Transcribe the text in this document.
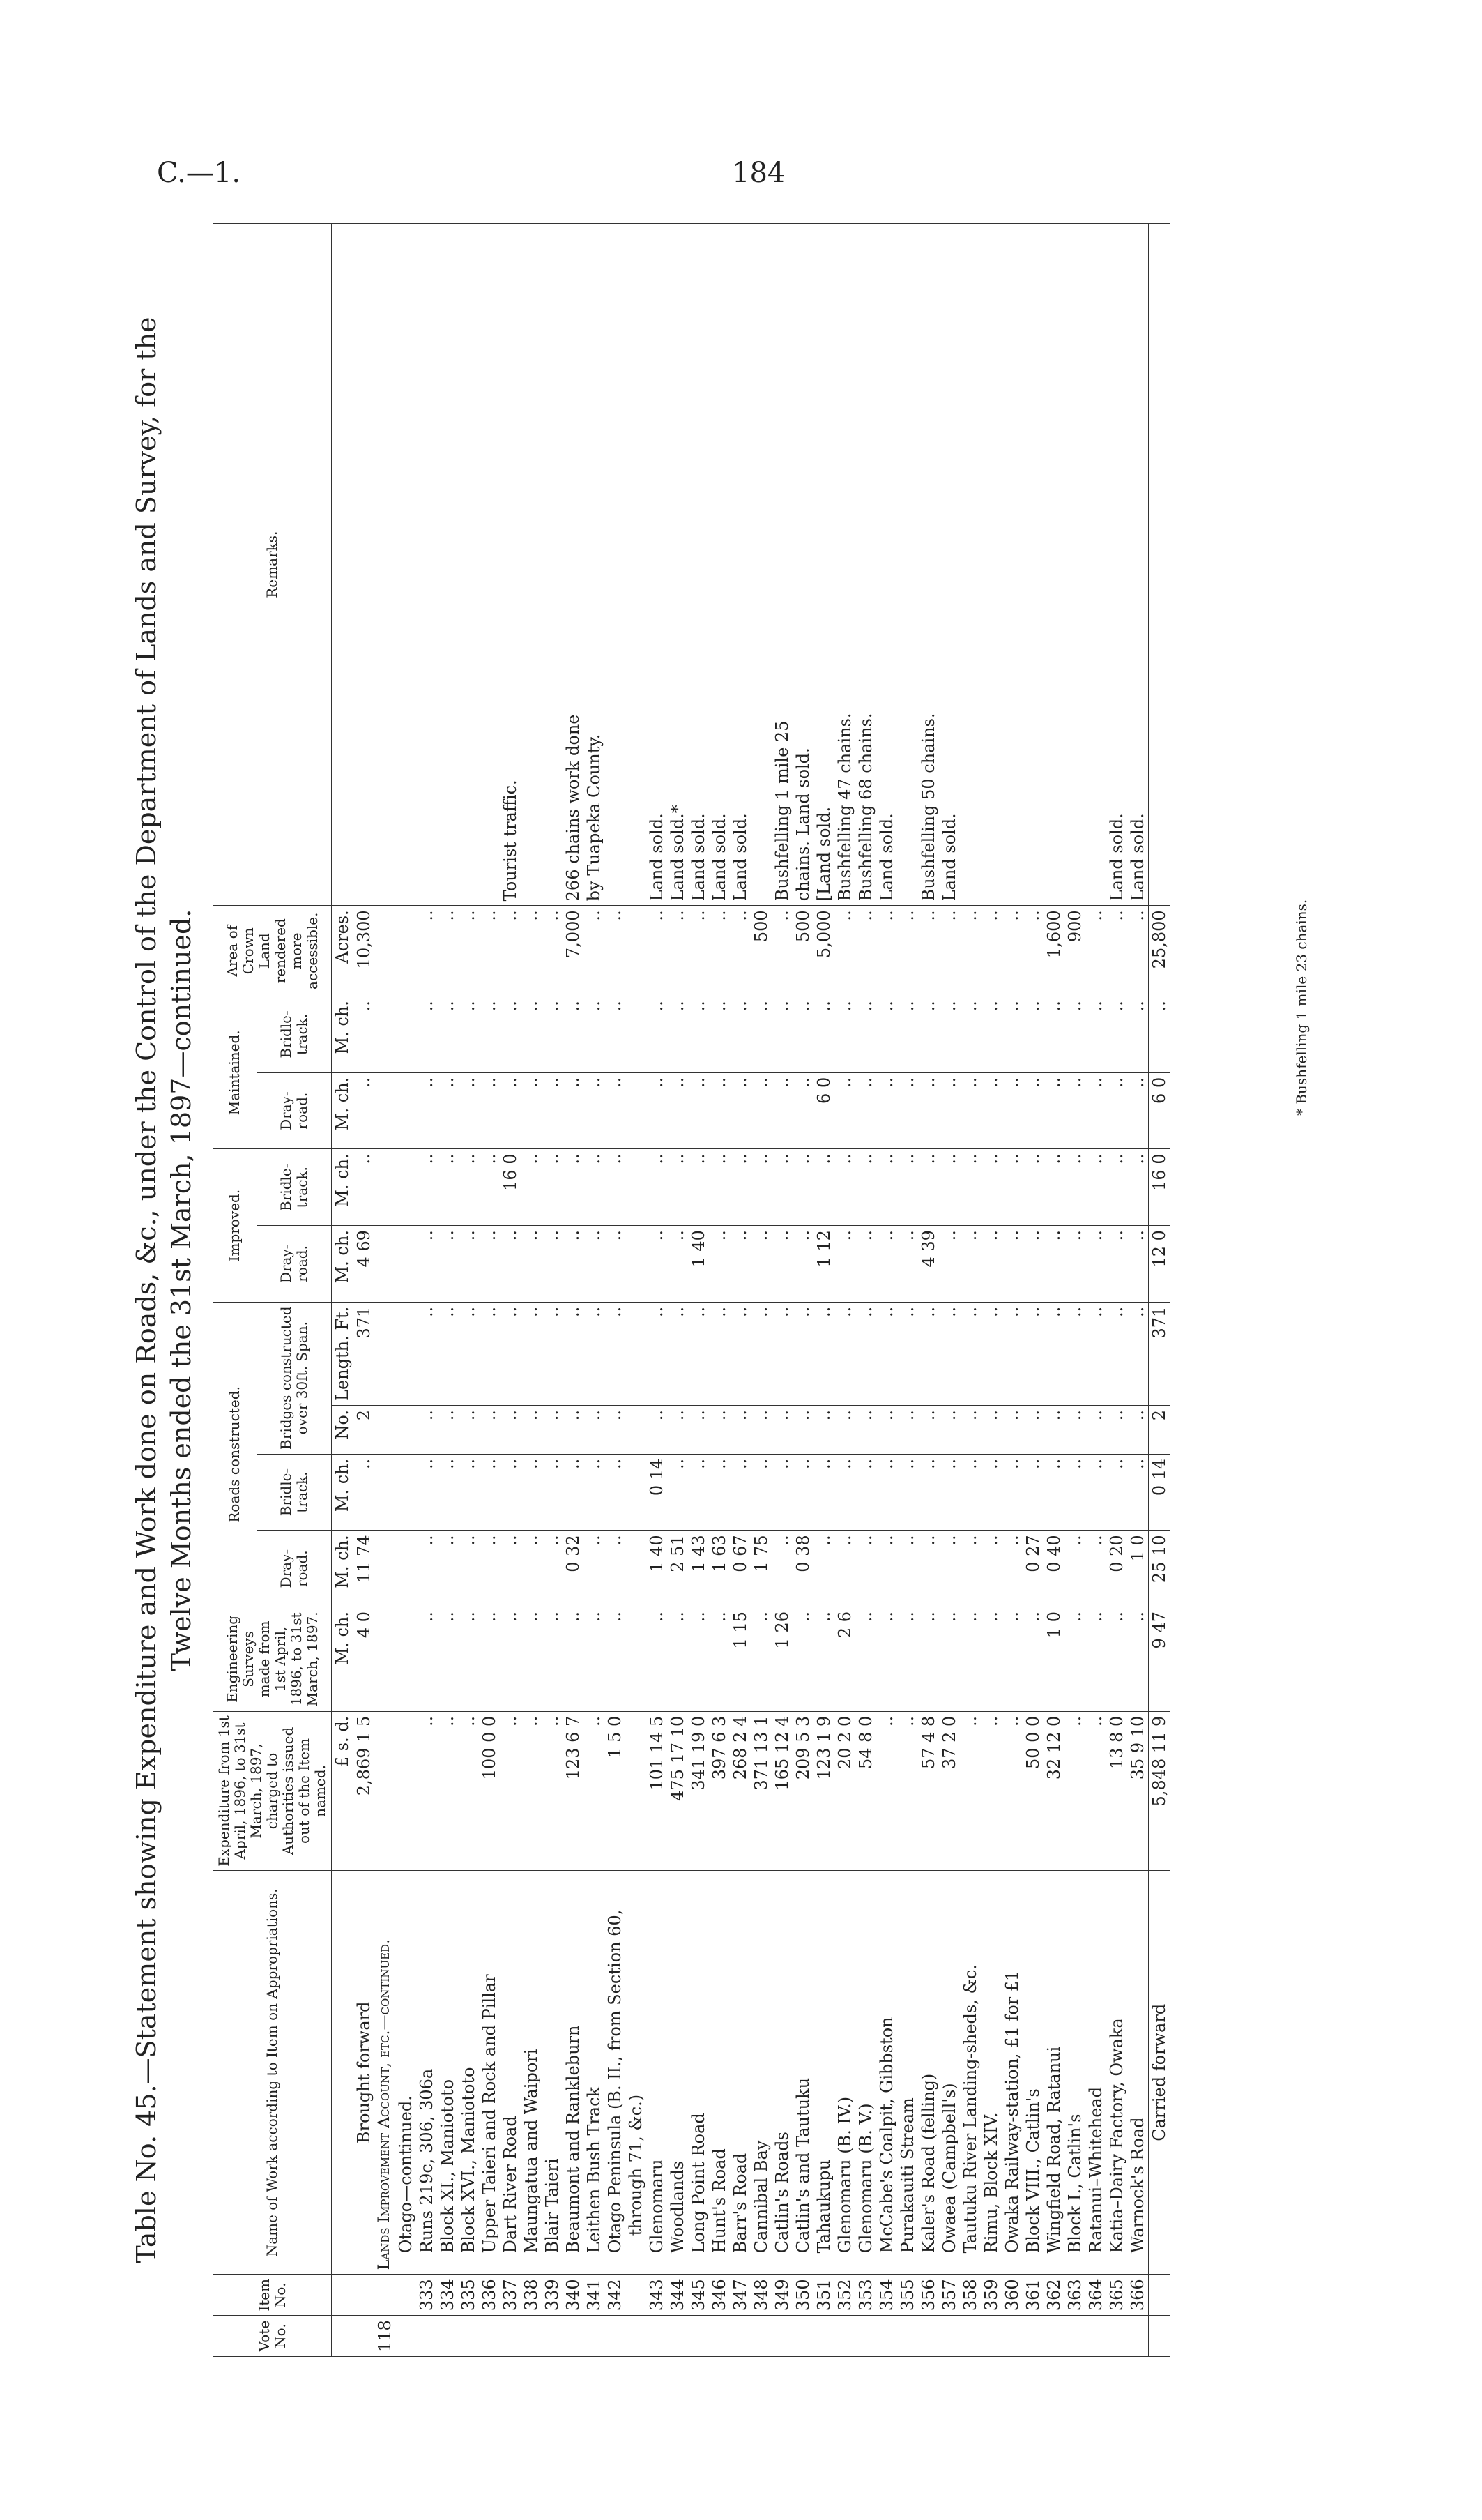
C.—1.	184
Table No. 45.—Statement showing Expenditure and Work done on Roads, &c., under the Control of the Department of Lands and Survey, for the Twelve Months ended the 31st March, 1897—continued.
Vote No.	Item No.	Name of Work according to Item on Appropriations.	Expenditure from 1st April, 1896, to 31st March, 1897, charged to Authorities issued out of the Item named.	Engineering Surveys made from 1st April, 1896, to 31st March, 1897.	Roads constructed.				Improved.		Maintained.		Area of Crown Land rendered more accessible.	Remarks.
					Dray-road.	Bridle-track.	Bridges constructed over 30ft. Span.		Dray-road.	Bridle-track.	Dray-road.	Bridle-track.		
			£ s. d.	M. ch.	M. ch.	M. ch.	No.	Length. Ft.	M. ch.	M. ch.	M. ch.	M. ch.	Acres.	
		Brought forward	2,869 1 5	4 0	11 74	..	2	371	4 69	..	..	..	10,300	
118		Lands Improvement Account, etc.—continued.												
		Otago—continued.												
	333	Runs 219c, 306, 306a	..	..	..	..	..	..	..	..	..	..	..	
	334	Block XI., Maniototo	..	..	..	..	..	..	..	..	..	..	..	
	335	Block XVI., Maniototo	..	..	..	..	..	..	..	..	..	..	..	
	336	Upper Taieri and Rock and Pillar	100 0 0	..	..	..	..	..	..	..	..	..	..	
	337	Dart River Road	..	..	..	..	..	..	..	16 0	..	..	..	Tourist traffic.
	338	Maungatua and Waipori	..	..	..	..	..	..	..	..	..	..	..	
	339	Blair Taieri	..	..	..	..	..	..	..	..	..	..	..	
	340	Beaumont and Rankleburn	123 6 7	..	0 32	..	..	..	..	..	..	..	7,000	266 chains work done
	341	Leithen Bush Track	..	..	..	..	..	..	..	..	..	..	..	by Tuapeka County.
	342	Otago Peninsula (B. II., from Section 60,	1 5 0	..	..	..	..	..	..	..	..	..	..	
		through 71, &c.)												
	343	Glenomaru	101 14 5	..	1 40	0 14	..	..	..	..	..	..	..	Land sold.
	344	Woodlands	475 17 10	..	2 51	..	..	..	..	..	..	..	..	Land sold.*
	345	Long Point Road	341 19 0	..	1 43	..	..	..	1 40	..	..	..	..	Land sold.
	346	Hunt's Road	397 6 3	..	1 63	..	..	..	..	..	..	..	..	Land sold.
	347	Barr's Road	268 2 4	1 15	0 67	..	..	..	..	..	..	..	..	Land sold.
	348	Cannibal Bay	371 13 1	..	1 75	..	..	..	..	..	..	..	500	
	349	Catlin's Roads	165 12 4	1 26	..	..	..	..	..	..	..	..	..	Bushfelling 1 mile 25
	350	Catlin's and Tautuku	209 5 3	..	0 38	..	..	..	..	..	..	..	500	chains. Land sold.
	351	Tahaukupu	123 1 9	..	..	..	..	..	1 12	..	6 0	..	5,000	[Land sold.
	352	Glenomaru (B. IV.)	20 2 0	2 6	..	..	..	..	..	..	..	..	..	Bushfelling 47 chains.
	353	Glenomaru (B. V.)	54 8 0	..	..	..	..	..	..	..	..	..	..	Bushfelling 68 chains.
	354	McCabe's Coalpit, Gibbston	..	..	..	..	..	..	..	..	..	..	..	Land sold.
	355	Purakauiti Stream	..	..	..	..	..	..	..	..	..	..	..	
	356	Kaler's Road (felling)	57 4 8	..	..	..	..	..	4 39	..	..	..	..	Bushfelling 50 chains.
	357	Owaea (Campbell's)	37 2 0	..	..	..	..	..	..	..	..	..	..	Land sold.
	358	Tautuku River Landing-sheds, &c.	..	..	..	..	..	..	..	..	..	..	..	
	359	Rimu, Block XIV.	..	..	..	..	..	..	..	..	..	..	..	
	360	Owaka Railway-station, £1 for £1	..	..	..	..	..	..	..	..	..	..	..	
	361	Block VIII., Catlin's	50 0 0	..	0 27	..	..	..	..	..	..	..	..	
	362	Wingfield Road, Ratanui	32 12 0	1 0	0 40	..	..	..	..	..	..	..	1,600	
	363	Block I., Catlin's	..	..	..	..	..	..	..	..	..	..	900	
	364	Ratanui–Whitehead	..	..	..	..	..	..	..	..	..	..	..	
	365	Katia–Dairy Factory, Owaka	13 8 0	..	0 20	..	..	..	..	..	..	..	..	Land sold.
	366	Warnock's Road	35 9 10	..	1 0	..	..	..	..	..	..	..	..	Land sold.
		Carried forward	5,848 11 9	9 47	25 10	0 14	2	371	12 0	16 0	6 0	..	25,800		* Bushfelling 1 mile 23 chains.
